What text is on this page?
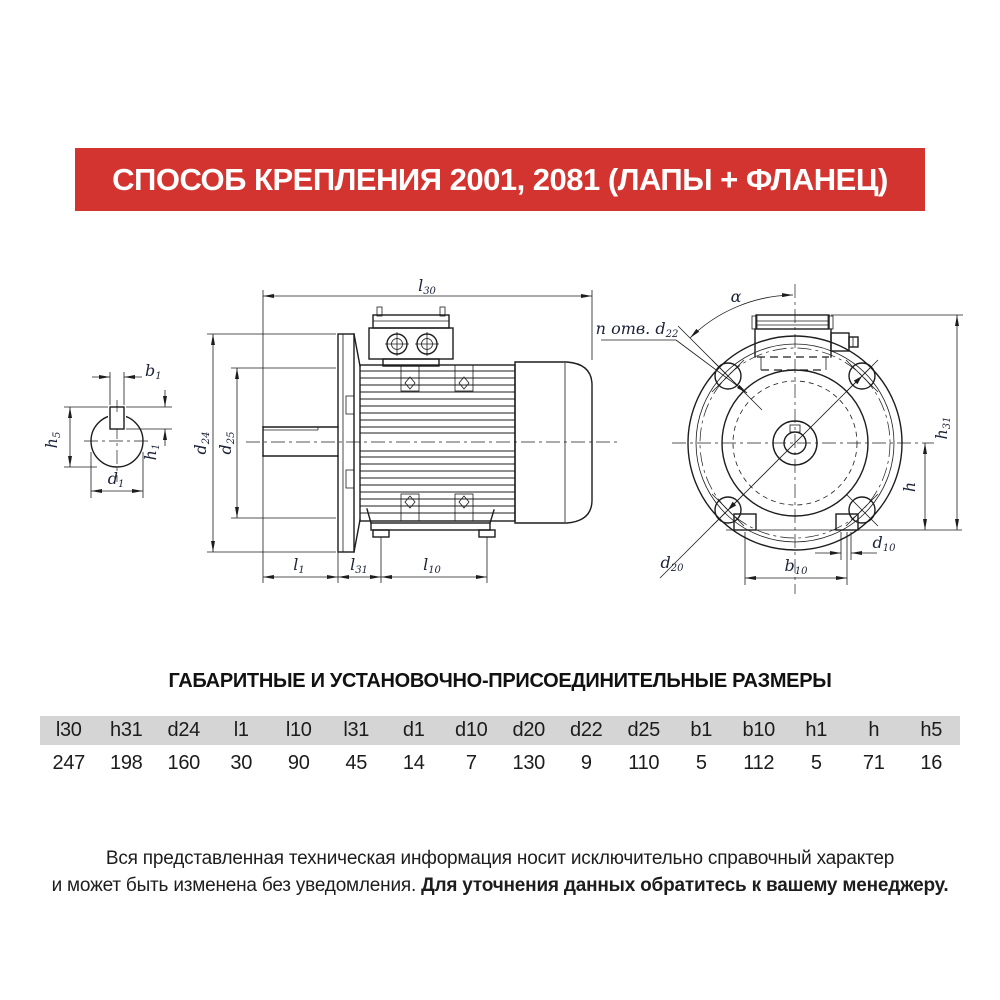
СПОСОБ КРЕПЛЕНИЯ 2001, 2081 (ЛАПЫ + ФЛАНЕЦ)
b1
h5
h1
d1
l30
d24
d25
l1	l31	l10
α
n отв. d22
d20
h31
h
b10
d10
ГАБАРИТНЫЕ И УСТАНОВОЧНО-ПРИСОЕДИНИТЕЛЬНЫЕ РАЗМЕРЫ
l30	h31	d24	l1	l10	l31	d1	d10	d20	d22	d25	b1	b10	h1	h	h5
247	198	160	30	90	45	14	7	130	9	110	5	112	5	71	16
Вся представленная техническая информация носит исключительно справочный характер
и может быть изменена без уведомления. Для уточнения данных обратитесь к вашему менеджеру.
